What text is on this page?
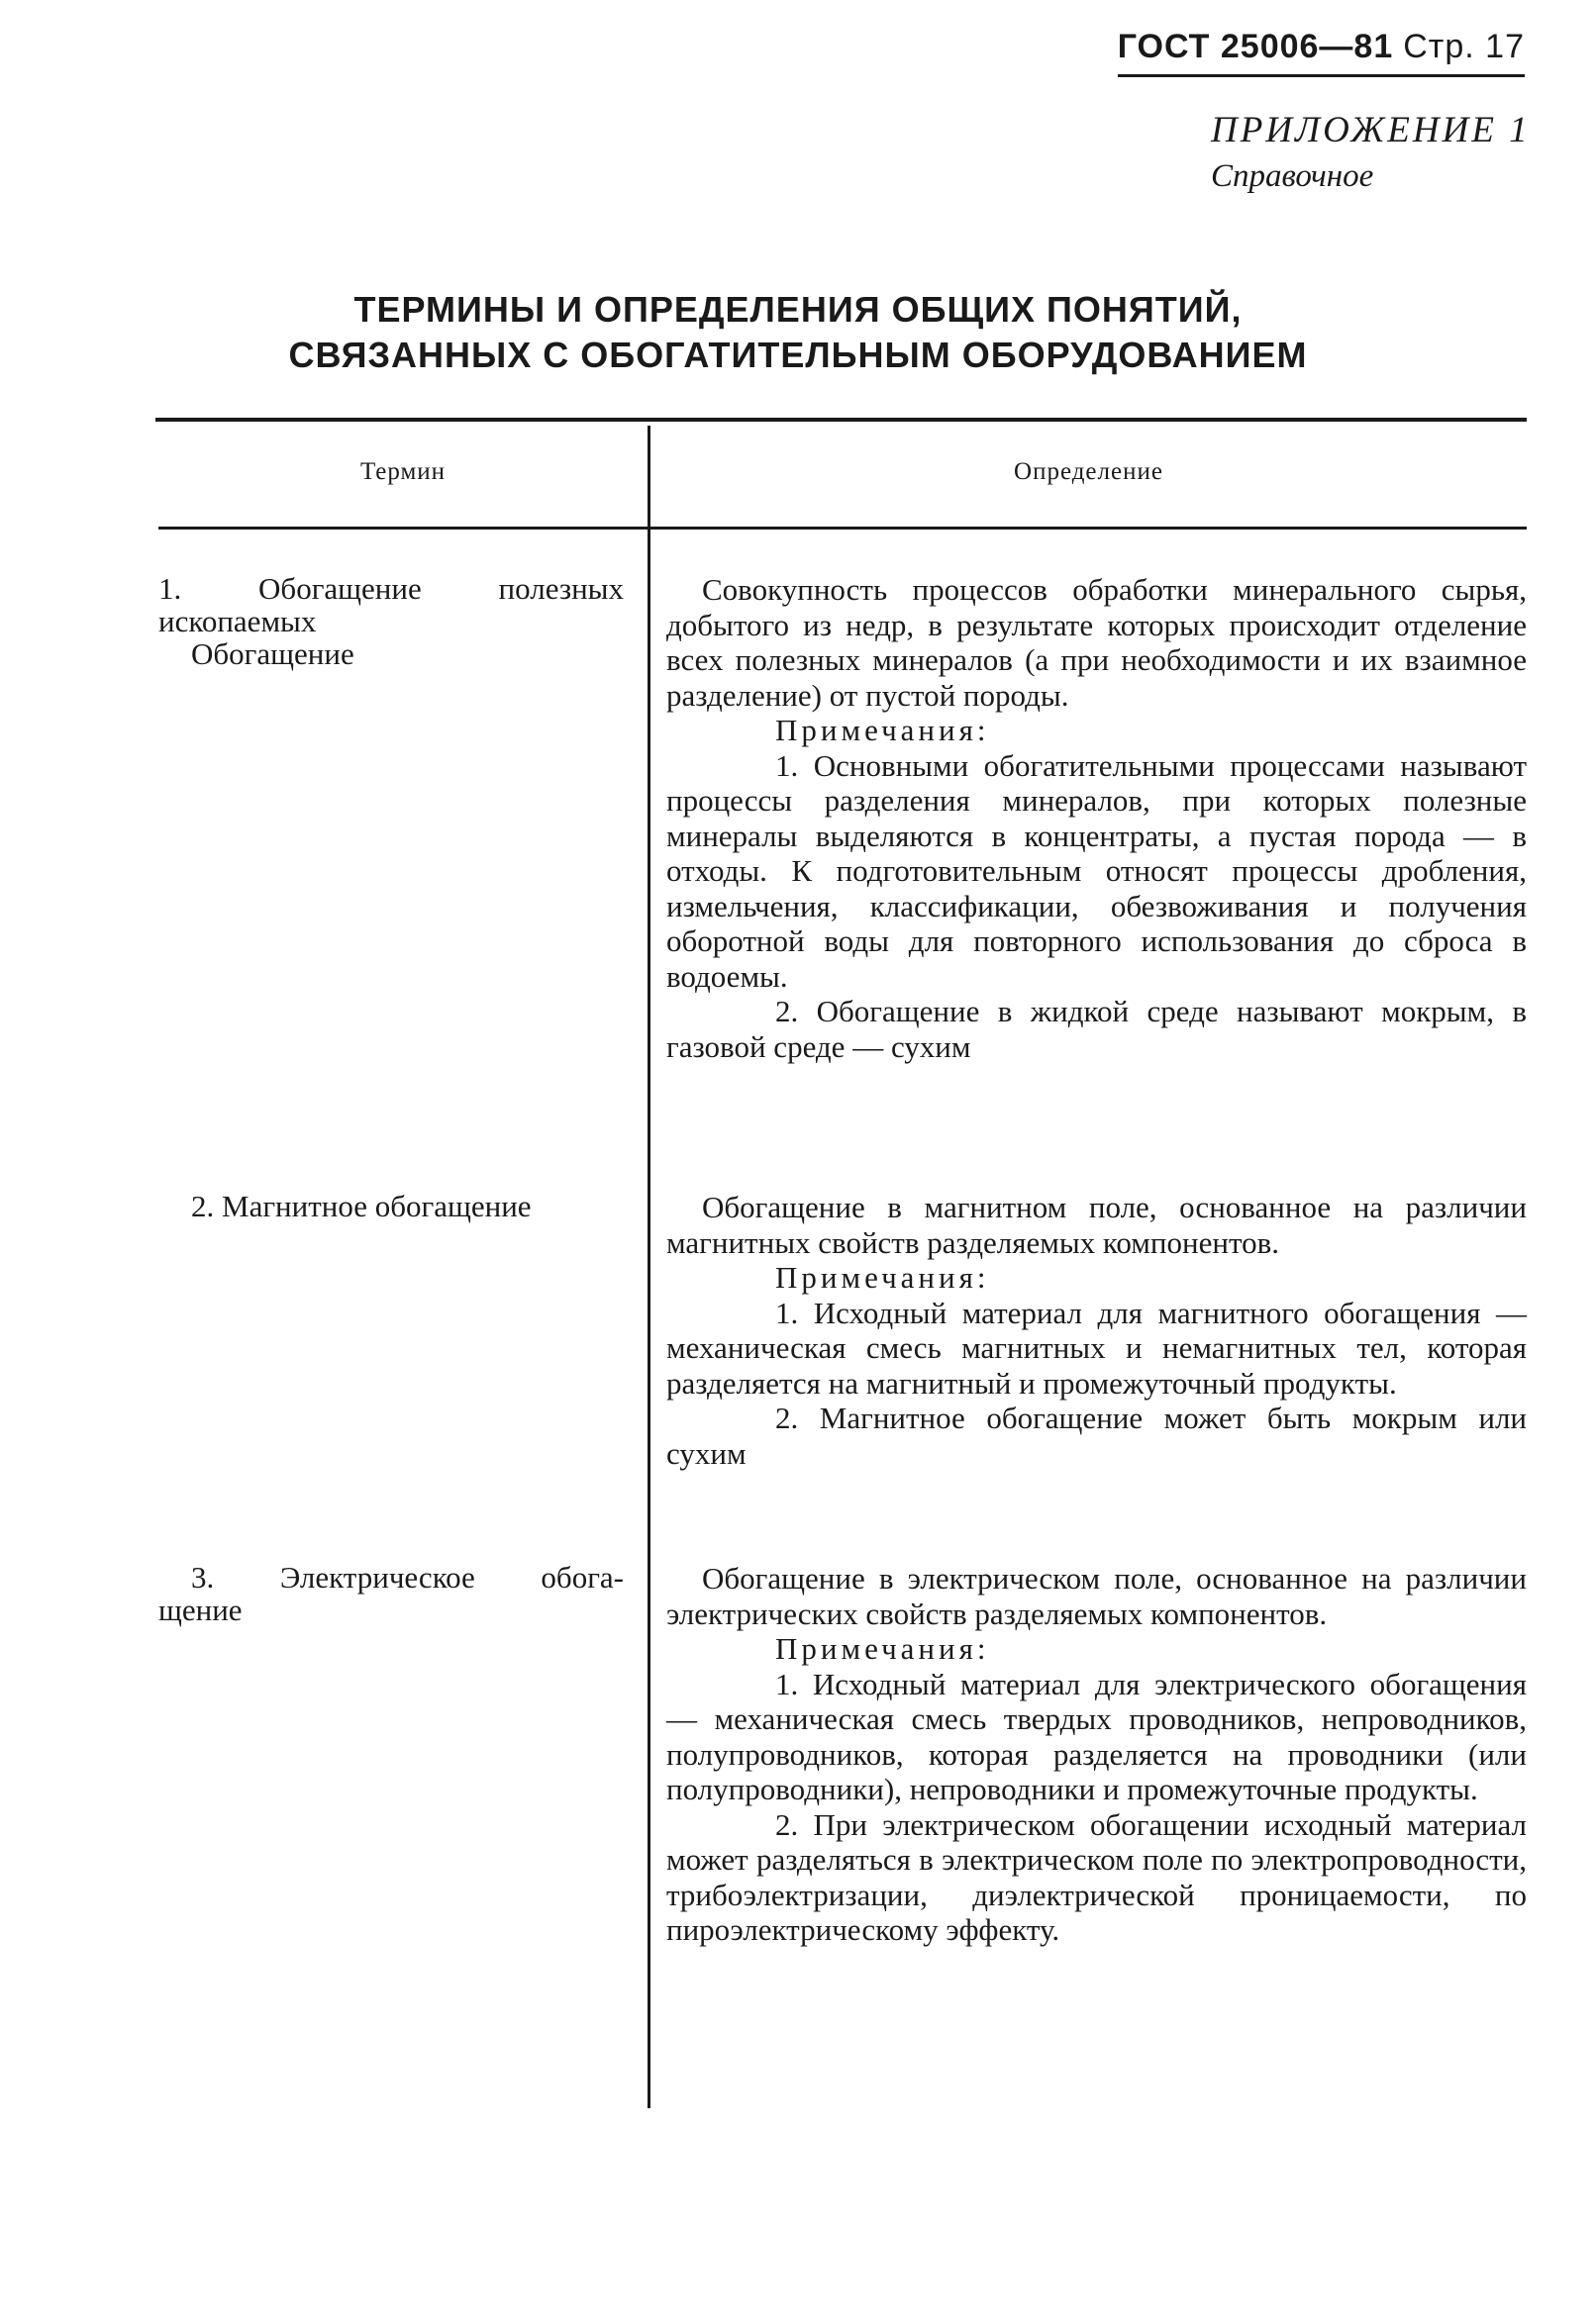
ГОСТ 25006—81 Стр. 17
ПРИЛОЖЕНИЕ 1
Справочное
ТЕРМИНЫ И ОПРЕДЕЛЕНИЯ ОБЩИХ ПОНЯТИЙ,
СВЯЗАННЫХ С ОБОГАТИТЕЛЬНЫМ ОБОРУДОВАНИЕМ
Термин	Определение
1. Обогащение полезных
ископаемых
Обогащение

Совокупность процессов обработки минерального сырья, добытого из недр, в результате которых происходит отделение всех полезных минералов (а при необходимости и их взаимное разделение) от пустой породы.

Примечания:

1. Основными обогатительными процессами называют процессы разделения минералов, при которых полезные минералы выделяются в концентраты, а пустая порода — в отходы. К подготовительным относят процессы дробления, измельчения, классификации, обезвоживания и получения оборотной воды для повторного использования до сброса в водоемы.

2. Обогащение в жидкой среде называют мокрым, в газовой среде — сухим

2. Магнитное обогащение	Обогащение в магнитном поле, основанное на различии магнитных свойств разделяемых компонентов.

Примечания:

1. Исходный материал для магнитного обогащения — механическая смесь магнитных и немагнитных тел, которая разделяется на магнитный и промежуточный продукты.

2. Магнитное обогащение может быть мокрым или сухим

3. Электрическое обога-
щение

Обогащение в электрическом поле, основанное на различии электрических свойств разделяемых компонентов.

Примечания:

1. Исходный материал для электрического обогащения — механическая смесь твердых проводников, непроводников, полупроводников, которая разделяется на проводники (или полупроводники), непроводники и промежуточные продукты.

2. При электрическом обогащении исходный материал может разделяться в электрическом поле по электропроводности, трибоэлектризации, диэлектрической проницаемости, по пироэлектрическому эффекту.
